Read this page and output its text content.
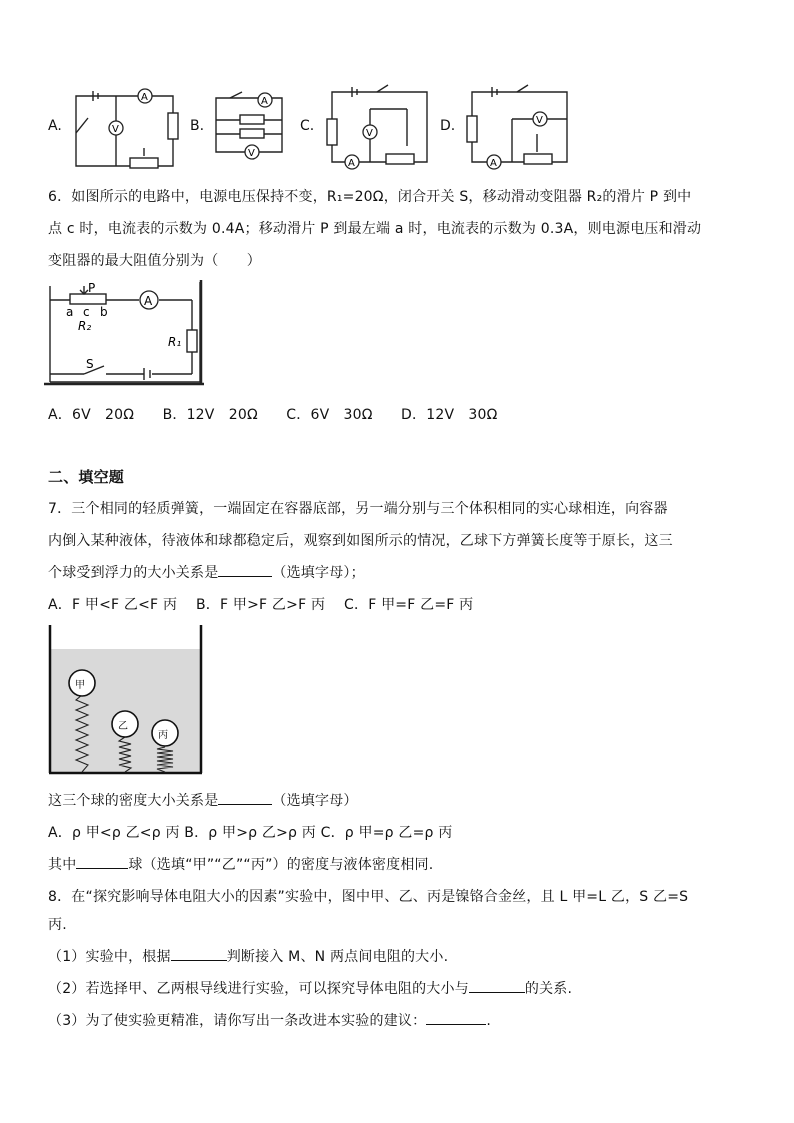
A.
A
V	B.
A
V
C.	V
A
D.	V
A
6．如图所示的电路中，电源电压保持不变，R₁=20Ω，闭合开关 S，移动滑动变阻器 R₂的滑片 P 到中
点 c 时，电流表的示数为 0.4A；移动滑片 P 到最左端 a 时，电流表的示数为 0.3A，则电源电压和滑动
变阻器的最大阻值分别为（　　）
A
P
a c b
R₂
R₁
S
A．6V　20Ω　　B．12V　20Ω　　C．6V　30Ω　　D．12V　30Ω
二、填空题
7．三个相同的轻质弹簧，一端固定在容器底部，另一端分别与三个体积相同的实心球相连，向容器
内倒入某种液体，待液体和球都稳定后，观察到如图所示的情况，乙球下方弹簧长度等于原长，这三
个球受到浮力的大小关系是	（选填字母）；
A．F 甲<F 乙<F 丙　 B．F 甲>F 乙>F 丙　 C．F 甲=F 乙=F 丙
甲
乙
丙
这三个球的密度大小关系是	（选填字母）
A．ρ 甲<ρ 乙<ρ 丙 B．ρ 甲>ρ 乙>ρ 丙 C．ρ 甲=ρ 乙=ρ 丙
其中	球（选填“甲”“乙”“丙”）的密度与液体密度相同.
8．在“探究影响导体电阻大小的因素”实验中，图中甲、乙、丙是镍铬合金丝，且 L 甲=L 乙，S 乙=S
丙.
（1）实验中，根据	判断接入 M、N 两点间电阻的大小.
（2）若选择甲、乙两根导线进行实验，可以探究导体电阻的大小与	的关系.
（3）为了使实验更精准，请你写出一条改进本实验的建议：	.
